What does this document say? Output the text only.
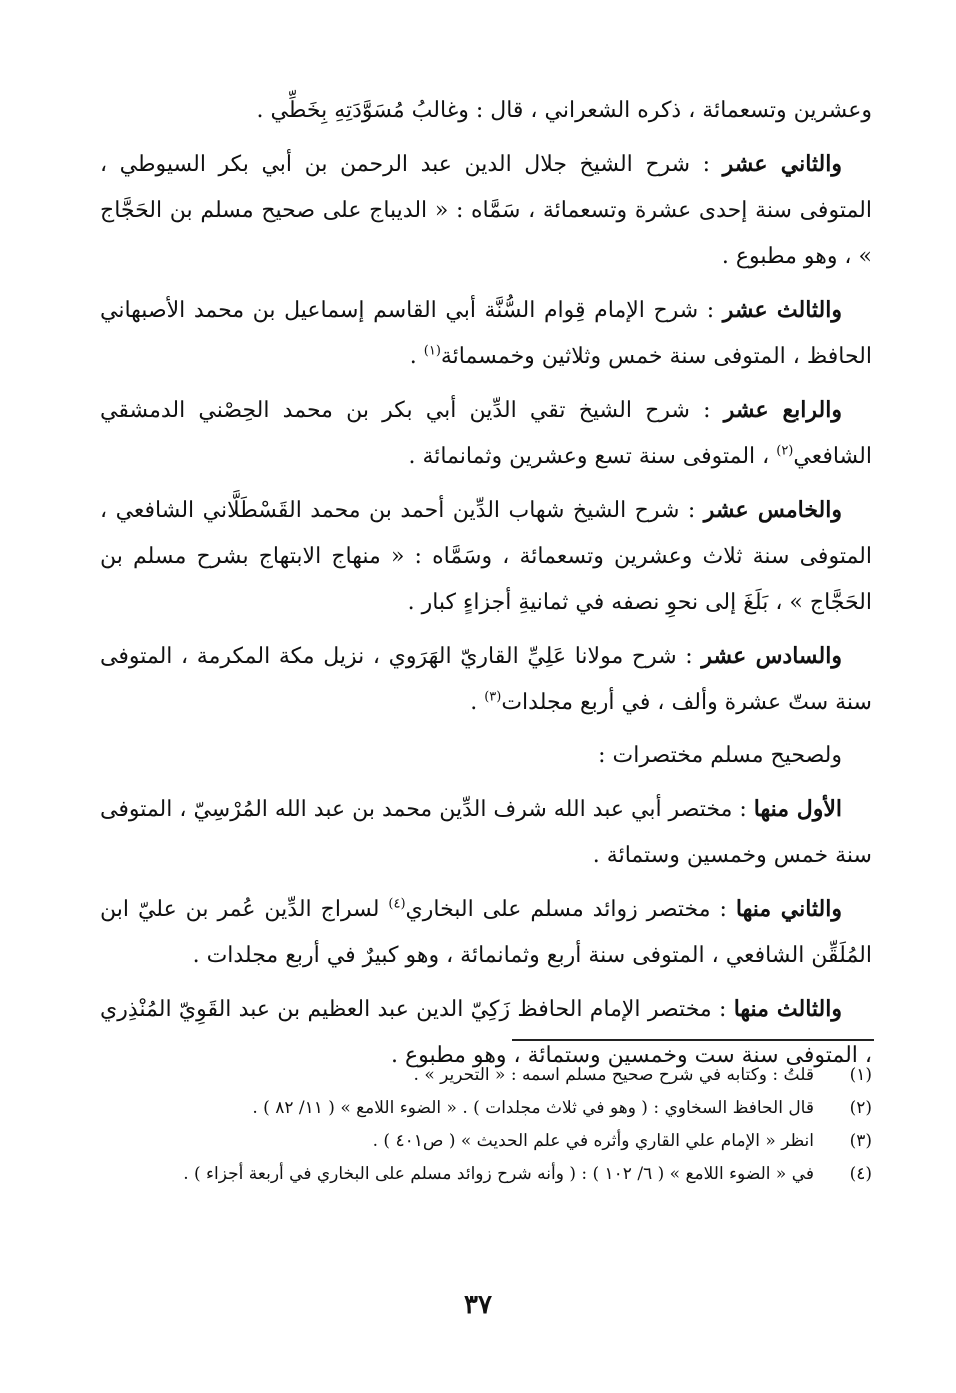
وعشرين وتسعمائة ، ذكره الشعراني ، قال : وغالبُ مُسَوَّدَتِهِ بِخَطِّي .

والثاني عشر : شرح الشيخ جلال الدين عبد الرحمن بن أبي بكر السيوطي ، المتوفى سنة إحدى عشرة وتسعمائة ، سَمَّاه : « الديباج على صحيح مسلم بن الحَجَّاج » ، وهو مطبوع .

والثالث عشر : شرح الإمام قِوام السُّنَّة أبي القاسم إسماعيل بن محمد الأصبهاني الحافظ ، المتوفى سنة خمس وثلاثين وخمسمائة$^{(١)}$ .

والرابع عشر : شرح الشيخ تقي الدِّين أبي بكر بن محمد الحِصْني الدمشقي الشافعي$^{(٢)}$ ، المتوفى سنة تسع وعشرين وثمانمائة .

والخامس عشر : شرح الشيخ شهاب الدِّين أحمد بن محمد القَسْطَلَّاني الشافعي ، المتوفى سنة ثلاث وعشرين وتسعمائة ، وسَمَّاه : « منهاج الابتهاج بشرح مسلم بن الحَجَّاج » ، بَلَغَ إلى نحوِ نصفه في ثمانيةِ أجزاءٍ كبار .

والسادس عشر : شرح مولانا عَلِيِّ القاريّ الهَرَوي ، نزيل مكة المكرمة ، المتوفى سنة ستّ عشرة وألف ، في أربع مجلدات$^{(٣)}$ .

ولصحيح مسلم مختصرات :

الأول منها : مختصر أبي عبد الله شرف الدِّين محمد بن عبد الله المُرْسِيّ ، المتوفى سنة خمس وخمسين وستمائة .

والثاني منها : مختصر زوائد مسلم على البخاري$^{(٤)}$ لسراج الدِّين عُمر بن عليّ ابن المُلَقِّن الشافعي ، المتوفى سنة أربع وثمانمائة ، وهو كبيرٌ في أربع مجلدات .

والثالث منها : مختصر الإمام الحافظ زَكِيّ الدين عبد العظيم بن عبد القَوِيّ المُنْذِري ، المتوفى سنة ست وخمسين وستمائة ، وهو مطبوع .

(١)
قلتُ : وكتابه في شرح صحيح مسلم اسمه : « التحرير » .
(٢)
قال الحافظ السخاوي : ( وهو في ثلاث مجلدات ) . « الضوء اللامع » ( ١١/ ٨٢ ) .
(٣)
انظر « الإمام علي القاري وأثره في علم الحديث » ( ص٤٠١ ) .
(٤)
في « الضوء اللامع » ( ٦/ ١٠٢ ) : ( وأنه شرح زوائد مسلم على البخاري في أربعة أجزاء ) .
٣٧
